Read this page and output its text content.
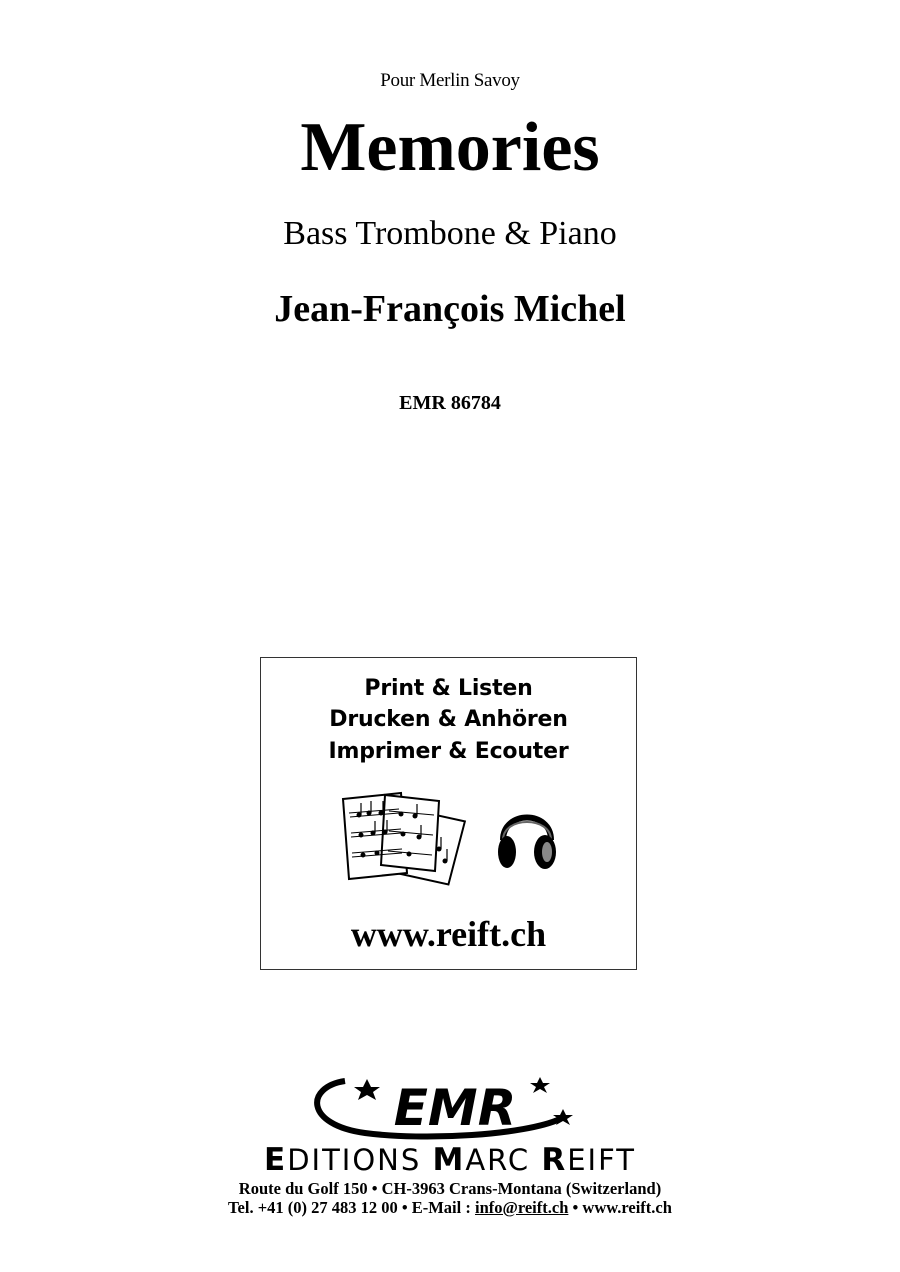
Pour Merlin Savoy
Memories
Bass Trombone & Piano
Jean-François Michel
EMR 86784
Print & Listen
Drucken & Anhören
Imprimer & Ecouter
www.reift.ch
EMR
EDITIONS MARC REIFT
Route du Golf 150 • CH-3963 Crans-Montana (Switzerland)
Tel. +41 (0) 27 483 12 00 • E-Mail : info@reift.ch • www.reift.ch
